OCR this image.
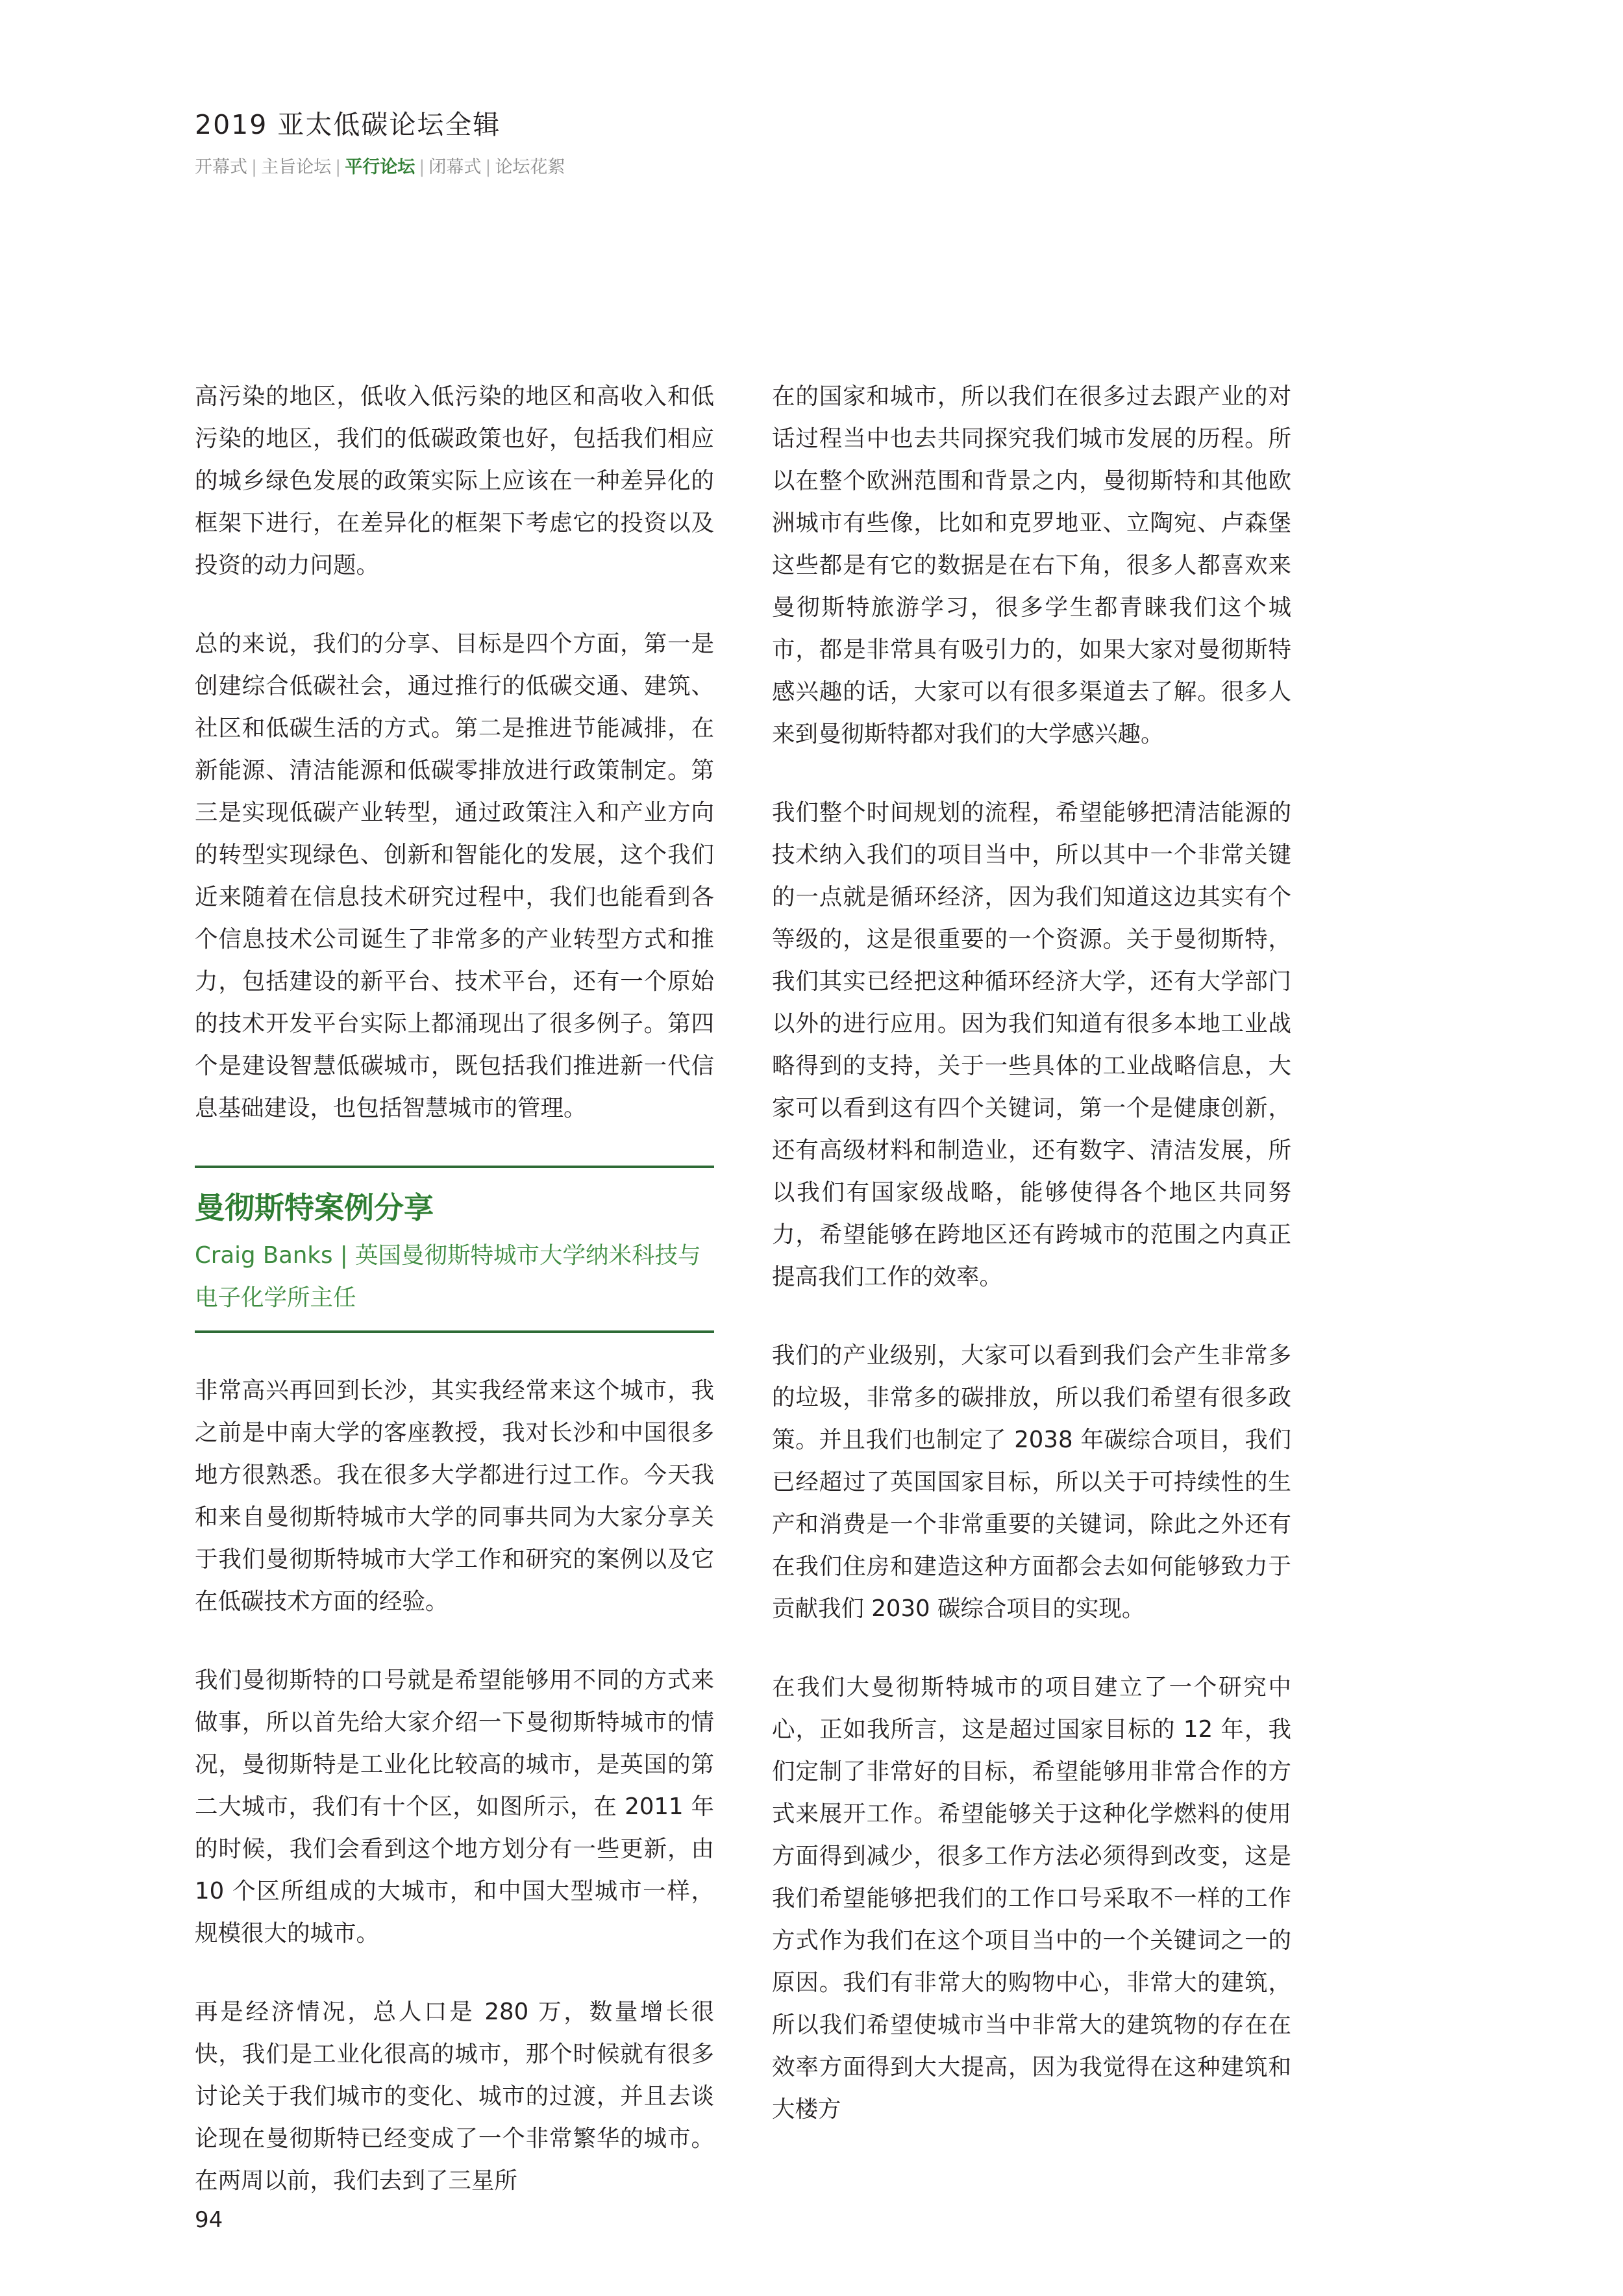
2019 亚太低碳论坛全辑
开幕式 | 主旨论坛 | 平行论坛 | 闭幕式 | 论坛花絮

高污染的地区，低收入低污染的地区和高收入和低污染的地区，我们的低碳政策也好，包括我们相应的城乡绿色发展的政策实际上应该在一种差异化的框架下进行，在差异化的框架下考虑它的投资以及投资的动力问题。

总的来说，我们的分享、目标是四个方面，第一是创建综合低碳社会，通过推行的低碳交通、建筑、社区和低碳生活的方式。第二是推进节能减排，在新能源、清洁能源和低碳零排放进行政策制定。第三是实现低碳产业转型，通过政策注入和产业方向的转型实现绿色、创新和智能化的发展，这个我们近来随着在信息技术研究过程中，我们也能看到各个信息技术公司诞生了非常多的产业转型方式和推力，包括建设的新平台、技术平台，还有一个原始的技术开发平台实际上都涌现出了很多例子。第四个是建设智慧低碳城市，既包括我们推进新一代信息基础建设，也包括智慧城市的管理。

曼彻斯特案例分享
Craig Banks | 英国曼彻斯特城市大学纳米科技与电子化学所主任

非常高兴再回到长沙，其实我经常来这个城市，我之前是中南大学的客座教授，我对长沙和中国很多地方很熟悉。我在很多大学都进行过工作。今天我和来自曼彻斯特城市大学的同事共同为大家分享关于我们曼彻斯特城市大学工作和研究的案例以及它在低碳技术方面的经验。

我们曼彻斯特的口号就是希望能够用不同的方式来做事，所以首先给大家介绍一下曼彻斯特城市的情况，曼彻斯特是工业化比较高的城市，是英国的第二大城市，我们有十个区，如图所示，在 2011 年的时候，我们会看到这个地方划分有一些更新，由 10 个区所组成的大城市，和中国大型城市一样，规模很大的城市。

再是经济情况，总人口是 280 万，数量增长很快，我们是工业化很高的城市，那个时候就有很多讨论关于我们城市的变化、城市的过渡，并且去谈论现在曼彻斯特已经变成了一个非常繁华的城市。在两周以前，我们去到了三星所

在的国家和城市，所以我们在很多过去跟产业的对话过程当中也去共同探究我们城市发展的历程。所以在整个欧洲范围和背景之内，曼彻斯特和其他欧洲城市有些像，比如和克罗地亚、立陶宛、卢森堡这些都是有它的数据是在右下角，很多人都喜欢来曼彻斯特旅游学习，很多学生都青睐我们这个城市，都是非常具有吸引力的，如果大家对曼彻斯特感兴趣的话，大家可以有很多渠道去了解。很多人来到曼彻斯特都对我们的大学感兴趣。

我们整个时间规划的流程，希望能够把清洁能源的技术纳入我们的项目当中，所以其中一个非常关键的一点就是循环经济，因为我们知道这边其实有个等级的，这是很重要的一个资源。关于曼彻斯特，我们其实已经把这种循环经济大学，还有大学部门以外的进行应用。因为我们知道有很多本地工业战略得到的支持，关于一些具体的工业战略信息，大家可以看到这有四个关键词，第一个是健康创新，还有高级材料和制造业，还有数字、清洁发展，所以我们有国家级战略，能够使得各个地区共同努力，希望能够在跨地区还有跨城市的范围之内真正提高我们工作的效率。

我们的产业级别，大家可以看到我们会产生非常多的垃圾，非常多的碳排放，所以我们希望有很多政策。并且我们也制定了 2038 年碳综合项目，我们已经超过了英国国家目标，所以关于可持续性的生产和消费是一个非常重要的关键词，除此之外还有在我们住房和建造这种方面都会去如何能够致力于贡献我们 2030 碳综合项目的实现。

在我们大曼彻斯特城市的项目建立了一个研究中心，正如我所言，这是超过国家目标的 12 年，我们定制了非常好的目标，希望能够用非常合作的方式来展开工作。希望能够关于这种化学燃料的使用方面得到减少，很多工作方法必须得到改变，这是我们希望能够把我们的工作口号采取不一样的工作方式作为我们在这个项目当中的一个关键词之一的原因。我们有非常大的购物中心，非常大的建筑，所以我们希望使城市当中非常大的建筑物的存在在效率方面得到大大提高，因为我觉得在这种建筑和大楼方

94
